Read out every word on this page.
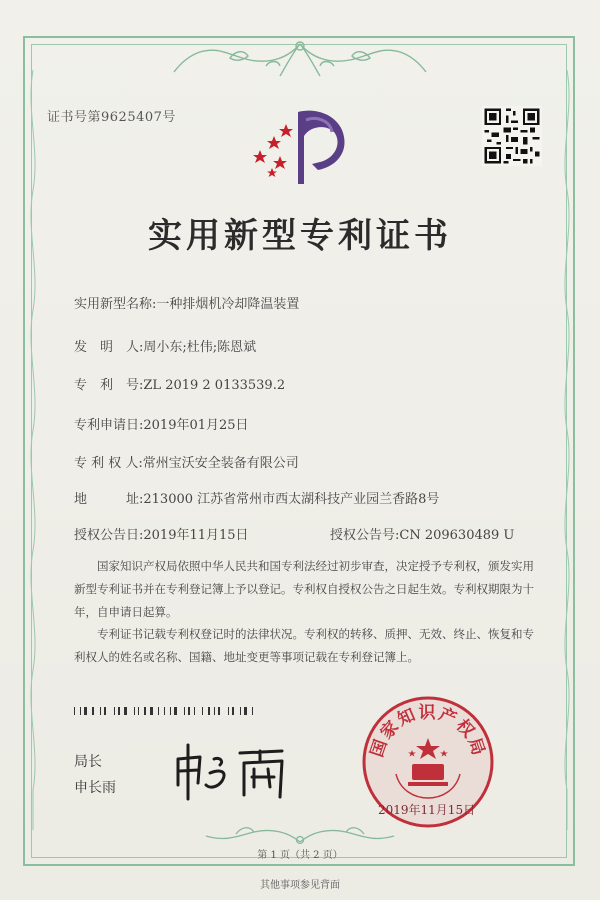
证书号第9625407号
实用新型专利证书
实用新型名称:一种排烟机冷却降温装置
发　明　人:周小东;杜伟;陈恩斌
专　利　号:ZL 2019 2 0133539.2
专利申请日:2019年01月25日
专 利 权 人:常州宝沃安全装备有限公司
地　　　址:213000 江苏省常州市西太湖科技产业园兰香路8号
授权公告日:2019年11月15日	授权公告号:CN 209630489 U
国家知识产权局依照中华人民共和国专利法经过初步审查，决定授予专利权，颁发实用新型专利证书并在专利登记簿上予以登记。专利权自授权公告之日起生效。专利权期限为十年，自申请日起算。
专利证书记载专利权登记时的法律状况。专利权的转移、质押、无效、终止、恢复和专利权人的姓名或名称、国籍、地址变更等事项记载在专利登记簿上。
局长
申长雨
国家知识产权局
2019年11月15日
第 1 页（共 2 页）
其他事项参见背面
